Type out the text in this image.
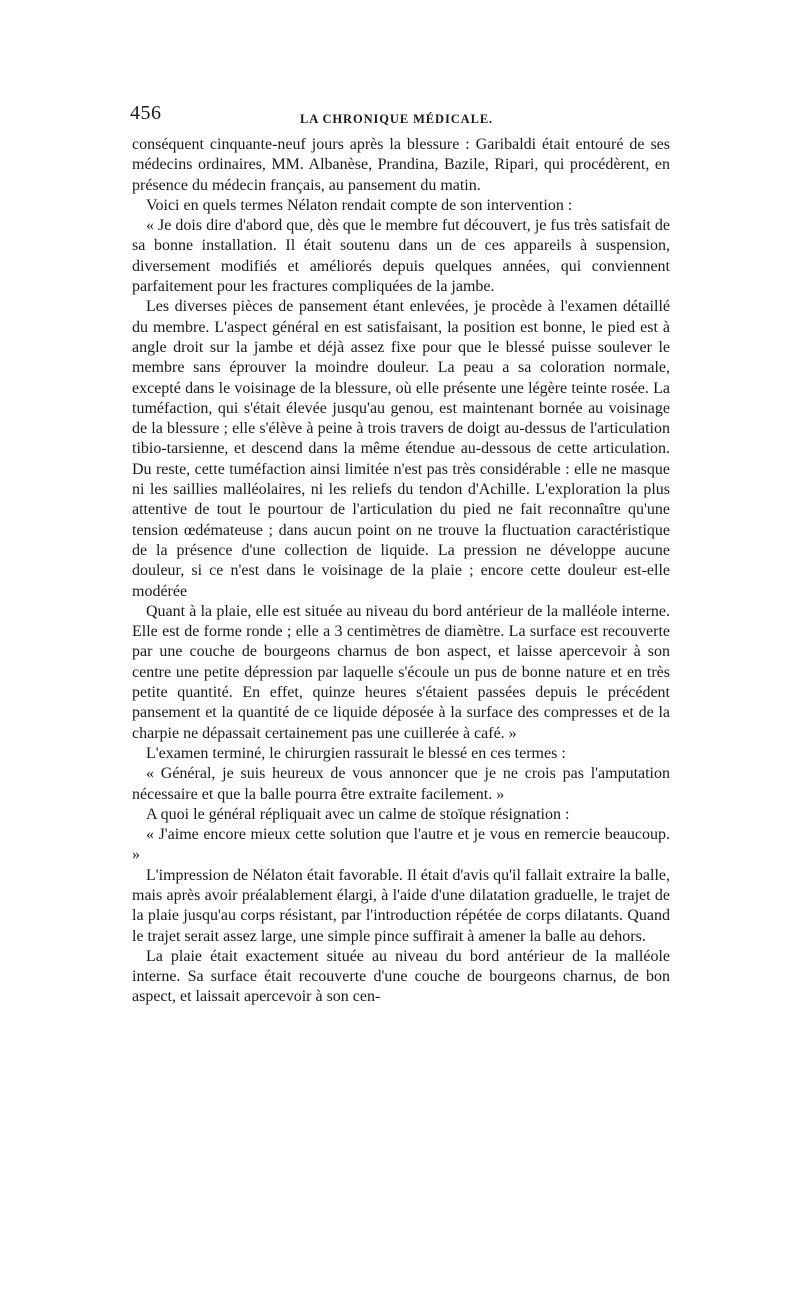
456	LA CHRONIQUE MÉDICALE.

conséquent cinquante-neuf jours après la blessure : Garibaldi était entouré de ses médecins ordinaires, MM. Albanèse, Prandina, Bazile, Ripari, qui procédèrent, en présence du médecin français, au pansement du matin.

Voici en quels termes Nélaton rendait compte de son intervention :

« Je dois dire d'abord que, dès que le membre fut découvert, je fus très satisfait de sa bonne installation. Il était soutenu dans un de ces appareils à suspension, diversement modifiés et améliorés depuis quelques années, qui conviennent parfaitement pour les fractures compliquées de la jambe.

Les diverses pièces de pansement étant enlevées, je procède à l'examen détaillé du membre. L'aspect général en est satisfaisant, la position est bonne, le pied est à angle droit sur la jambe et déjà assez fixe pour que le blessé puisse soulever le membre sans éprouver la moindre douleur. La peau a sa coloration normale, excepté dans le voisinage de la blessure, où elle présente une légère teinte rosée. La tuméfaction, qui s'était élevée jusqu'au genou, est maintenant bornée au voisinage de la blessure ; elle s'élève à peine à trois travers de doigt au-dessus de l'articulation tibio-tarsienne, et descend dans la même étendue au-dessous de cette articulation. Du reste, cette tuméfaction ainsi limitée n'est pas très considérable : elle ne masque ni les saillies malléolaires, ni les reliefs du tendon d'Achille. L'exploration la plus attentive de tout le pourtour de l'articulation du pied ne fait reconnaître qu'une tension œdémateuse ; dans aucun point on ne trouve la fluctuation caractéristique de la présence d'une collection de liquide. La pression ne développe aucune douleur, si ce n'est dans le voisinage de la plaie ; encore cette douleur est-elle modérée

Quant à la plaie, elle est située au niveau du bord antérieur de la malléole interne. Elle est de forme ronde ; elle a 3 centimètres de diamètre. La surface est recouverte par une couche de bourgeons charnus de bon aspect, et laisse apercevoir à son centre une petite dépression par laquelle s'écoule un pus de bonne nature et en très petite quantité. En effet, quinze heures s'étaient passées depuis le précédent pansement et la quantité de ce liquide déposée à la surface des compresses et de la charpie ne dépassait certainement pas une cuillerée à café. »

L'examen terminé, le chirurgien rassurait le blessé en ces termes :

« Général, je suis heureux de vous annoncer que je ne crois pas l'amputation nécessaire et que la balle pourra être extraite facilement. »

A quoi le général répliquait avec un calme de stoïque résignation :

« J'aime encore mieux cette solution que l'autre et je vous en remercie beaucoup. »

L'impression de Nélaton était favorable. Il était d'avis qu'il fallait extraire la balle, mais après avoir préalablement élargi, à l'aide d'une dilatation graduelle, le trajet de la plaie jusqu'au corps résistant, par l'introduction répétée de corps dilatants. Quand le trajet serait assez large, une simple pince suffirait à amener la balle au dehors.

La plaie était exactement située au niveau du bord antérieur de la malléole interne. Sa surface était recouverte d'une couche de bourgeons charnus, de bon aspect, et laissait apercevoir à son cen-
